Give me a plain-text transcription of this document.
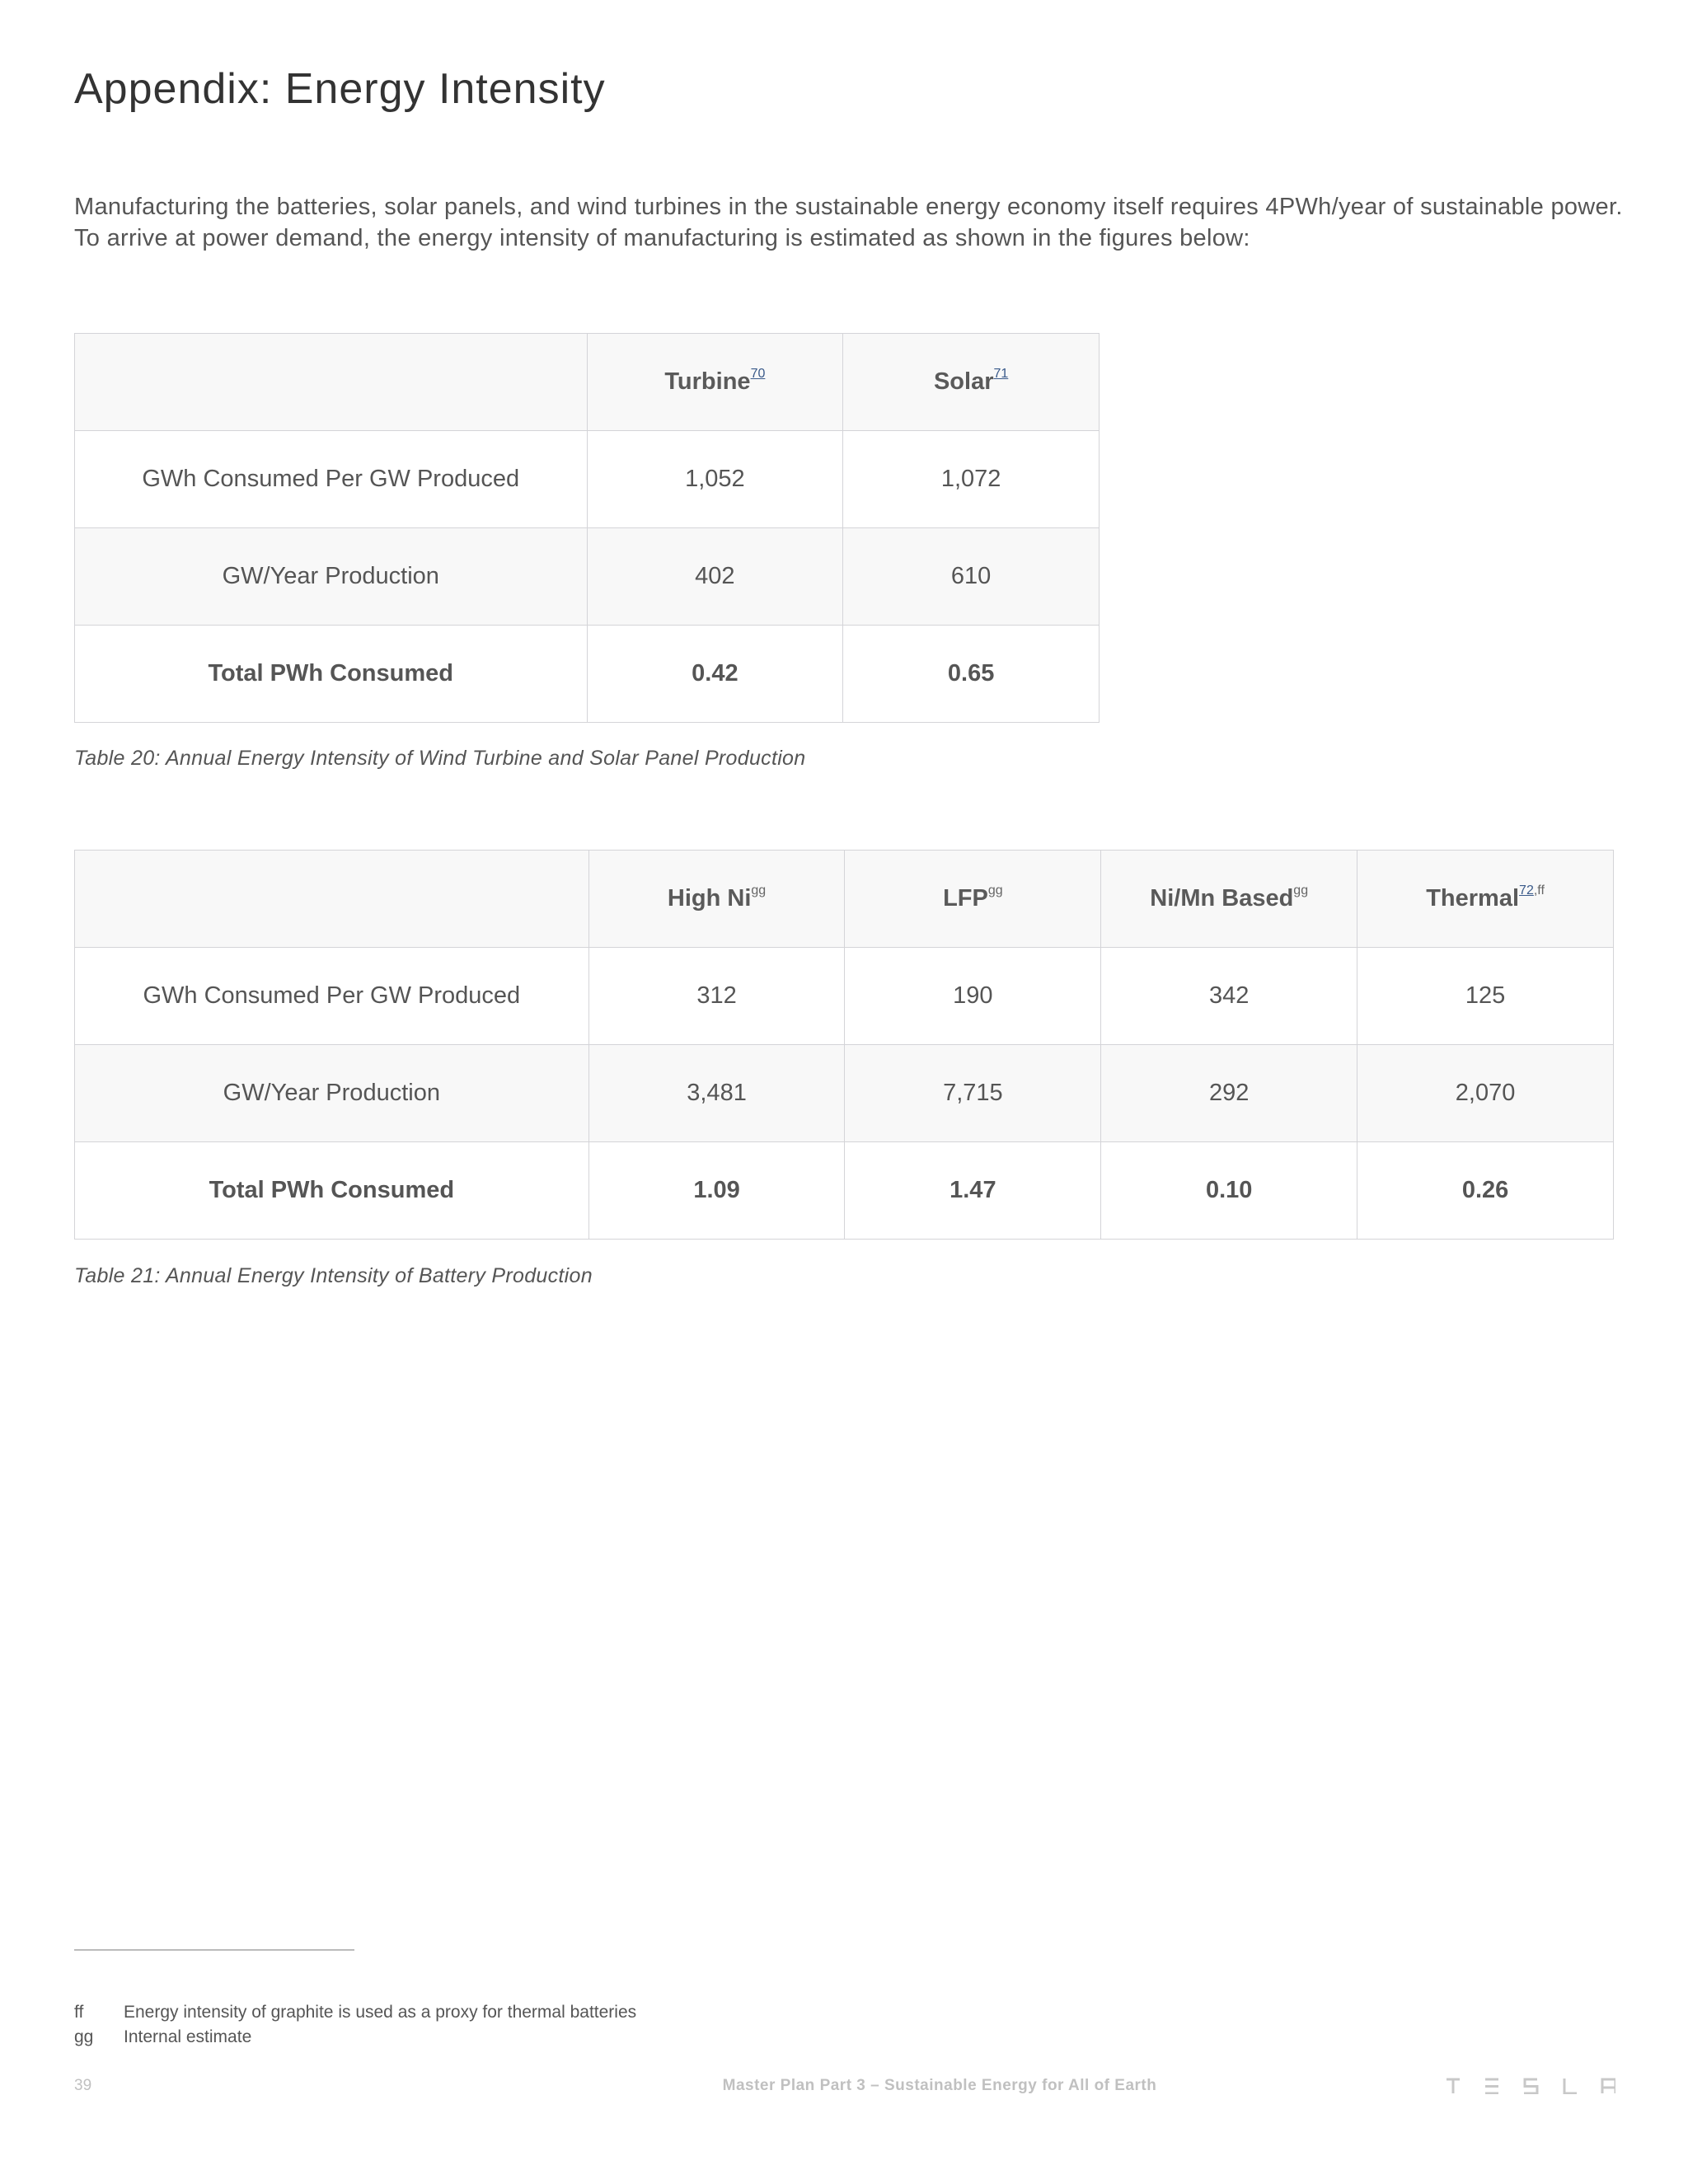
Appendix: Energy Intensity

Manufacturing the batteries, solar panels, and wind turbines in the sustainable energy economy itself requires 4PWh/year of sustainable power. To arrive at power demand, the energy intensity of manufacturing is estimated as shown in the figures below:

	Turbine$^{70}$	Solar$^{71}$
GWh Consumed Per GW Produced	1,052	1,072
GW/Year Production	402	610
Total PWh Consumed	0.42	0.65

Table 20: Annual Energy Intensity of Wind Turbine and Solar Panel Production

	High $Ni^{gg}$	$LFP^{gg}$	Ni/Mn Based$^{gg}$	Thermal$^{72,ff}$
GWh Consumed Per GW Produced	312	190	342	125
GW/Year Production	3,481	7,715	292	2,070
Total PWh Consumed	1.09	1.47	0.10	0.26

Table 21: Annual Energy Intensity of Battery Production

ff Energy intensity of graphite is used as a proxy for thermal batteries
gg Internal estimate
39	Master Plan Part 3 – Sustainable Energy for All of Earth
